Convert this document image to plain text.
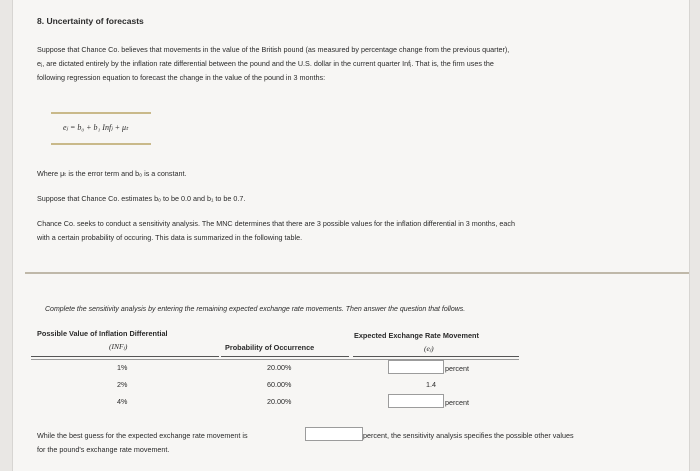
8. Uncertainty of forecasts
Suppose that Chance Co. believes that movements in the value of the British pound (as measured by percentage change from the previous quarter),
eⱼ, are dictated entirely by the inflation rate differential between the pound and the U.S. dollar in the current quarter Infⱼ. That is, the firm uses the
following regression equation to forecast the change in the value of the pound in 3 months:
eⱼ = b₀ + b₁ Infⱼ + μₜ
Where μₜ is the error term and b₀ is a constant.
Suppose that Chance Co. estimates b₀ to be 0.0 and b₁ to be 0.7.
Chance Co. seeks to conduct a sensitivity analysis. The MNC determines that there are 3 possible values for the inflation differential in 3 months, each
with a certain probability of occuring. This data is summarized in the following table.
Complete the sensitivity analysis by entering the remaining expected exchange rate movements. Then answer the question that follows.
Possible Value of Inflation Differential
(INFⱼ)	Probability of Occurrence
Expected Exchange Rate Movement
(eⱼ)
1%	20.00%	percent
2%	60.00%	1.4
4%	20.00%	percent
While the best guess for the expected exchange rate movement is	percent, the sensitivity analysis specifies the possible other values
for the pound's exchange rate movement.
